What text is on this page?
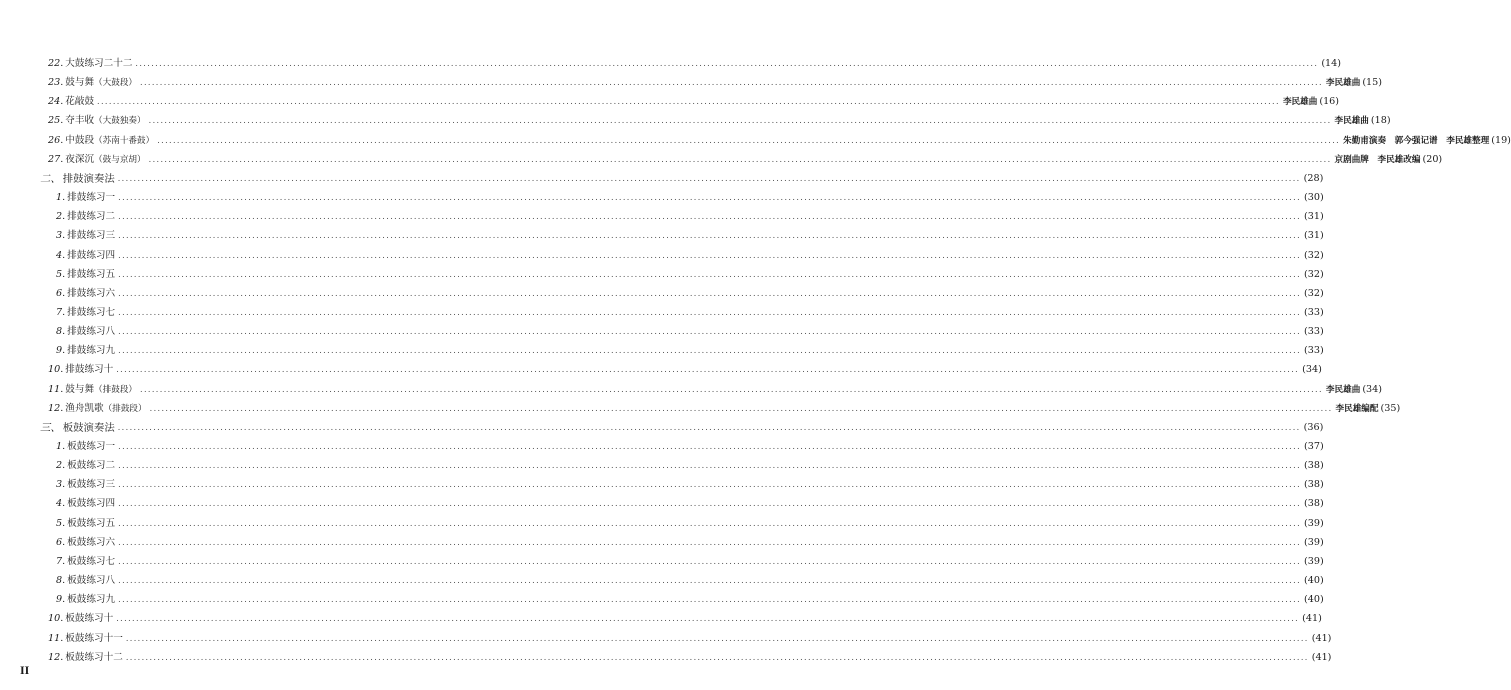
22. 大鼓练习二十二 ............................................................................................................................................................................................................................................................................................................ (14)
23. 鼓与舞（大鼓段） ............................................................................................................................................................................................................................................................................................................ 李民雄曲 (15)
24. 花敲鼓 ............................................................................................................................................................................................................................................................................................................ 李民雄曲 (16)
25. 夺丰收（大鼓独奏） ............................................................................................................................................................................................................................................................................................................ 李民雄曲 (18)
26. 中鼓段（苏南十番鼓） ............................................................................................................................................................................................................................................................................................................ 朱勤甫演奏　郭今强记谱　李民雄整理 (19)
27. 夜深沉（鼓与京胡） ............................................................................................................................................................................................................................................................................................................ 京剧曲牌　李民雄改编 (20)
二、 排鼓演奏法 ............................................................................................................................................................................................................................................................................................................ (28)
1. 排鼓练习一 ............................................................................................................................................................................................................................................................................................................ (30)
2. 排鼓练习二 ............................................................................................................................................................................................................................................................................................................ (31)
3. 排鼓练习三 ............................................................................................................................................................................................................................................................................................................ (31)
4. 排鼓练习四 ............................................................................................................................................................................................................................................................................................................ (32)
5. 排鼓练习五 ............................................................................................................................................................................................................................................................................................................ (32)
6. 排鼓练习六 ............................................................................................................................................................................................................................................................................................................ (32)
7. 排鼓练习七 ............................................................................................................................................................................................................................................................................................................ (33)
8. 排鼓练习八 ............................................................................................................................................................................................................................................................................................................ (33)
9. 排鼓练习九 ............................................................................................................................................................................................................................................................................................................ (33)
10. 排鼓练习十 ............................................................................................................................................................................................................................................................................................................ (34)
11. 鼓与舞（排鼓段） ............................................................................................................................................................................................................................................................................................................ 李民雄曲 (34)
12. 渔舟凯歌（排鼓段） ............................................................................................................................................................................................................................................................................................................ 李民雄编配 (35)
三、 板鼓演奏法 ............................................................................................................................................................................................................................................................................................................ (36)
1. 板鼓练习一 ............................................................................................................................................................................................................................................................................................................ (37)
2. 板鼓练习二 ............................................................................................................................................................................................................................................................................................................ (38)
3. 板鼓练习三 ............................................................................................................................................................................................................................................................................................................ (38)
4. 板鼓练习四 ............................................................................................................................................................................................................................................................................................................ (38)
5. 板鼓练习五 ............................................................................................................................................................................................................................................................................................................ (39)
6. 板鼓练习六 ............................................................................................................................................................................................................................................................................................................ (39)
7. 板鼓练习七 ............................................................................................................................................................................................................................................................................................................ (39)
8. 板鼓练习八 ............................................................................................................................................................................................................................................................................................................ (40)
9. 板鼓练习九 ............................................................................................................................................................................................................................................................................................................ (40)
10. 板鼓练习十 ............................................................................................................................................................................................................................................................................................................ (41)
11. 板鼓练习十一 ............................................................................................................................................................................................................................................................................................................ (41)
12. 板鼓练习十二 ............................................................................................................................................................................................................................................................................................................ (41)
II
